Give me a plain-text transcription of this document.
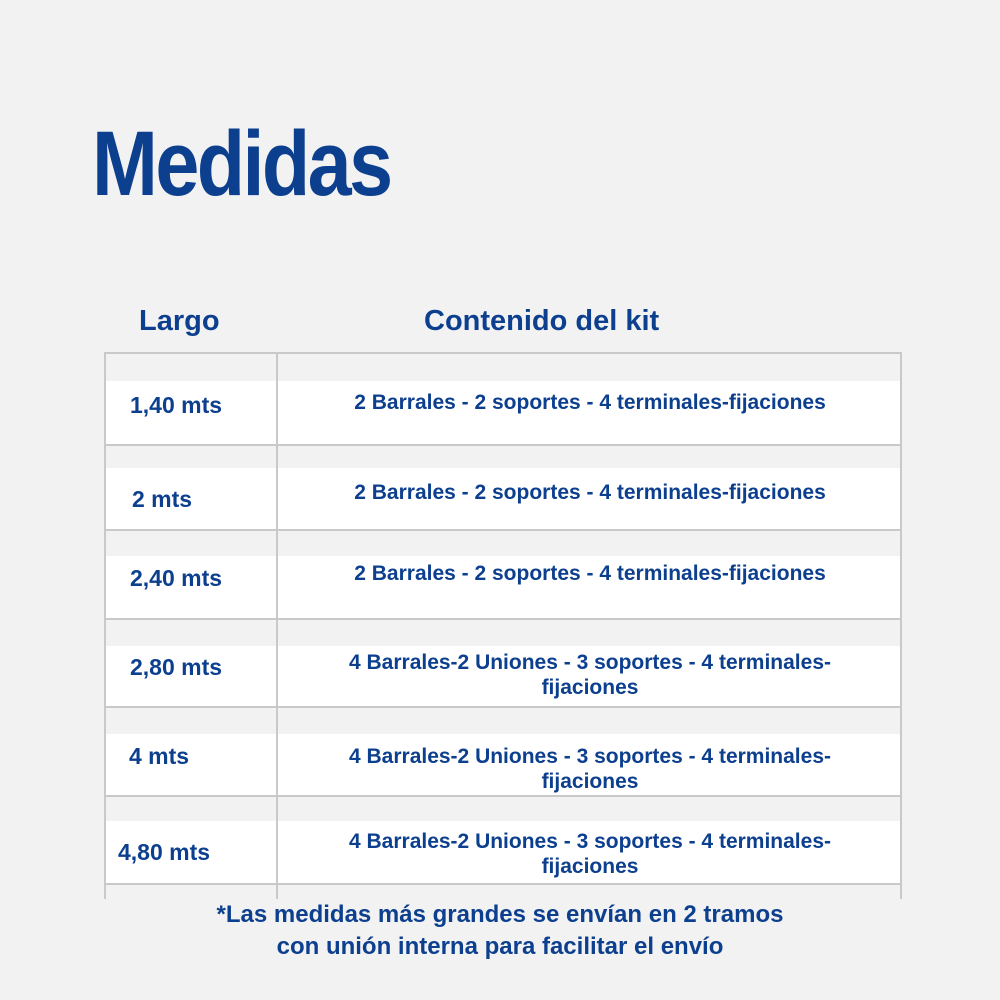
Medidas
Largo	Contenido del kit
1,40 mts	2 Barrales - 2 soportes - 4 terminales-fijaciones
2 mts	2 Barrales - 2 soportes - 4 terminales-fijaciones
2,40 mts	2 Barrales - 2 soportes - 4 terminales-fijaciones
2,80 mts	4 Barrales-2 Uniones - 3 soportes - 4 terminales-fijaciones
4 mts	4 Barrales-2 Uniones - 3 soportes - 4 terminales-fijaciones
4,80 mts	4 Barrales-2 Uniones - 3 soportes - 4 terminales-fijaciones
*Las medidas más grandes se envían en 2 tramos
con unión interna para facilitar el envío
